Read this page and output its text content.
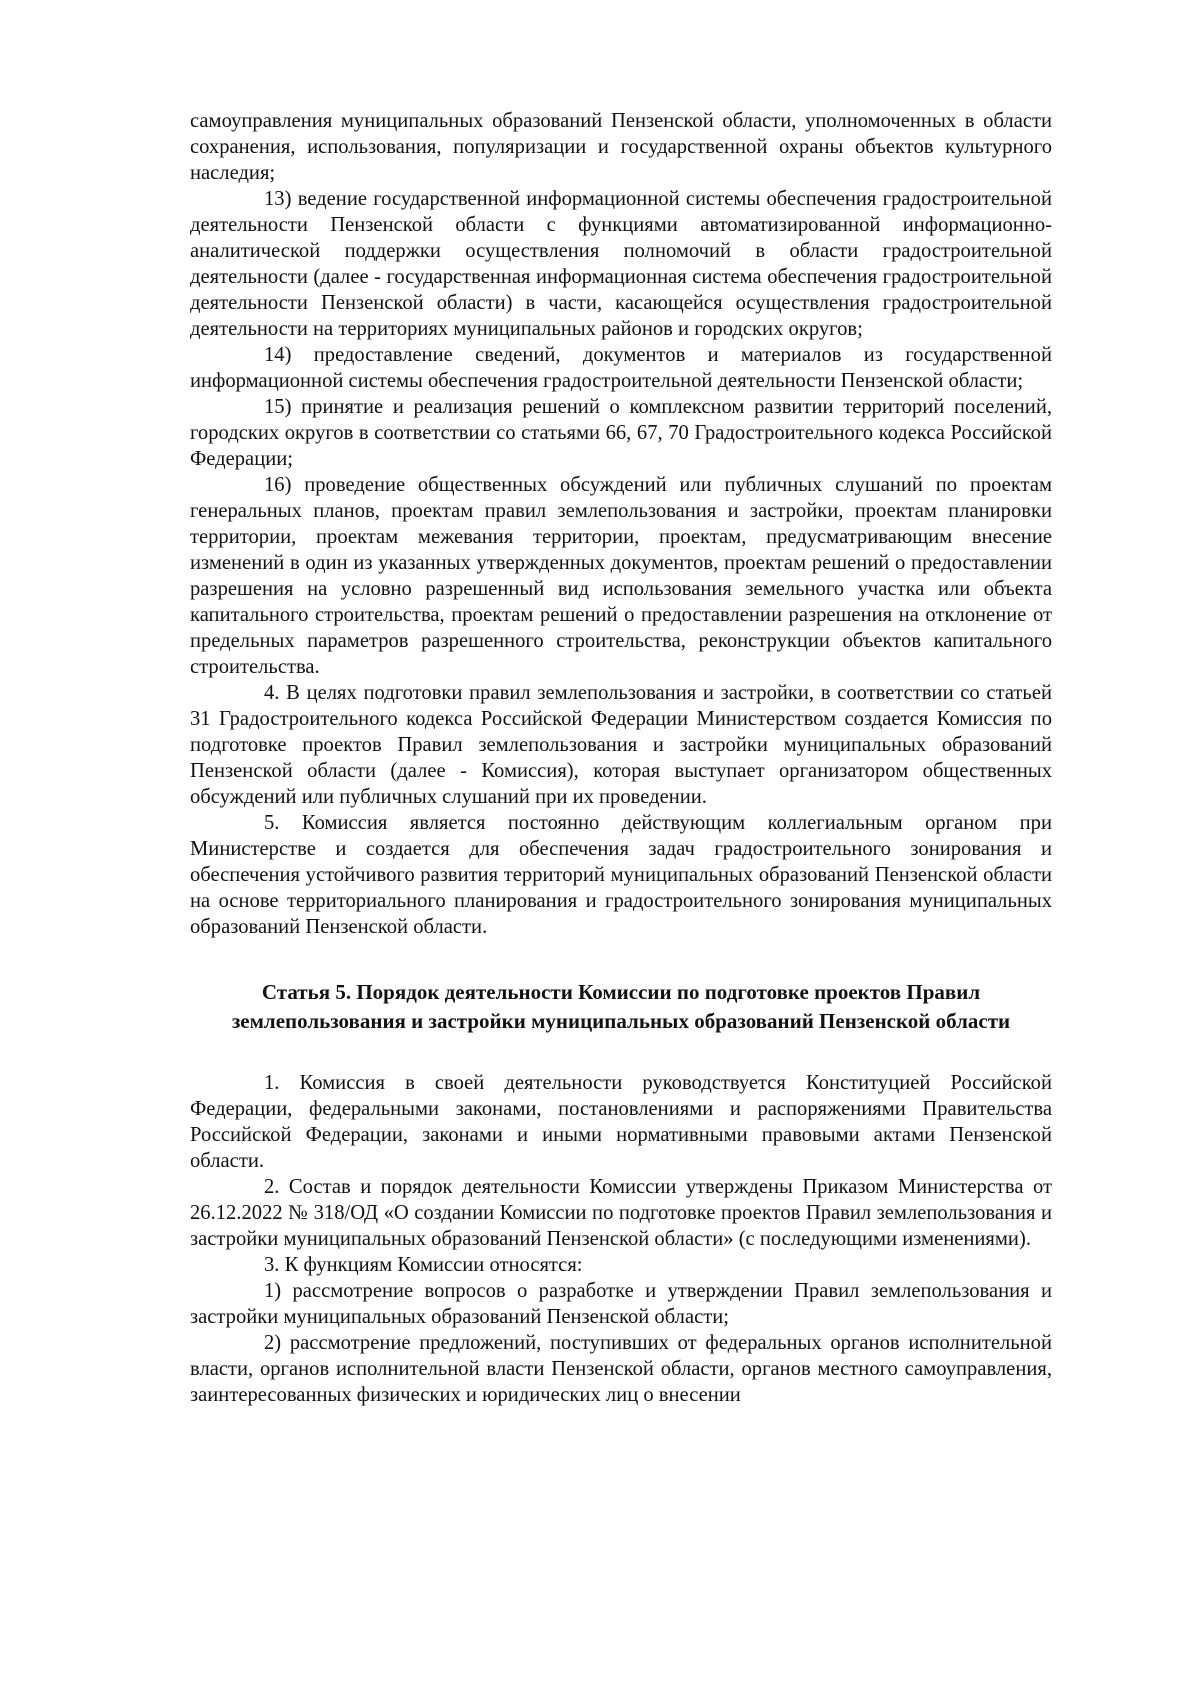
самоуправления муниципальных образований Пензенской области, уполномоченных в области сохранения, использования, популяризации и государственной охраны объектов культурного наследия;

13) ведение государственной информационной системы обеспечения градостроительной деятельности Пензенской области с функциями автоматизированной информационно-аналитической поддержки осуществления полномочий в области градостроительной деятельности (далее - государственная информационная система обеспечения градостроительной деятельности Пензенской области) в части, касающейся осуществления градостроительной деятельности на территориях муниципальных районов и городских округов;

14) предоставление сведений, документов и материалов из государственной информационной системы обеспечения градостроительной деятельности Пензенской области;

15) принятие и реализация решений о комплексном развитии территорий поселений, городских округов в соответствии со статьями 66, 67, 70 Градостроительного кодекса Российской Федерации;

16) проведение общественных обсуждений или публичных слушаний по проектам генеральных планов, проектам правил землепользования и застройки, проектам планировки территории, проектам межевания территории, проектам, предусматривающим внесение изменений в один из указанных утвержденных документов, проектам решений о предоставлении разрешения на условно разрешенный вид использования земельного участка или объекта капитального строительства, проектам решений о предоставлении разрешения на отклонение от предельных параметров разрешенного строительства, реконструкции объектов капитального строительства.

4. В целях подготовки правил землепользования и застройки, в соответствии со статьей 31 Градостроительного кодекса Российской Федерации Министерством создается Комиссия по подготовке проектов Правил землепользования и застройки муниципальных образований Пензенской области (далее - Комиссия), которая выступает организатором общественных обсуждений или публичных слушаний при их проведении.

5. Комиссия является постоянно действующим коллегиальным органом при Министерстве и создается для обеспечения задач градостроительного зонирования и обеспечения устойчивого развития территорий муниципальных образований Пензенской области на основе территориального планирования и градостроительного зонирования муниципальных образований Пензенской области.

Статья 5. Порядок деятельности Комиссии по подготовке проектов Правил землепользования и застройки муниципальных образований Пензенской области

1. Комиссия в своей деятельности руководствуется Конституцией Российской Федерации, федеральными законами, постановлениями и распоряжениями Правительства Российской Федерации, законами и иными нормативными правовыми актами Пензенской области.

2. Состав и порядок деятельности Комиссии утверждены Приказом Министерства от 26.12.2022 № 318/ОД «О создании Комиссии по подготовке проектов Правил землепользования и застройки муниципальных образований Пензенской области» (с последующими изменениями).

3. К функциям Комиссии относятся:

1) рассмотрение вопросов о разработке и утверждении Правил землепользования и застройки муниципальных образований Пензенской области;

2) рассмотрение предложений, поступивших от федеральных органов исполнительной власти, органов исполнительной власти Пензенской области, органов местного самоуправления, заинтересованных физических и юридических лиц о внесении
